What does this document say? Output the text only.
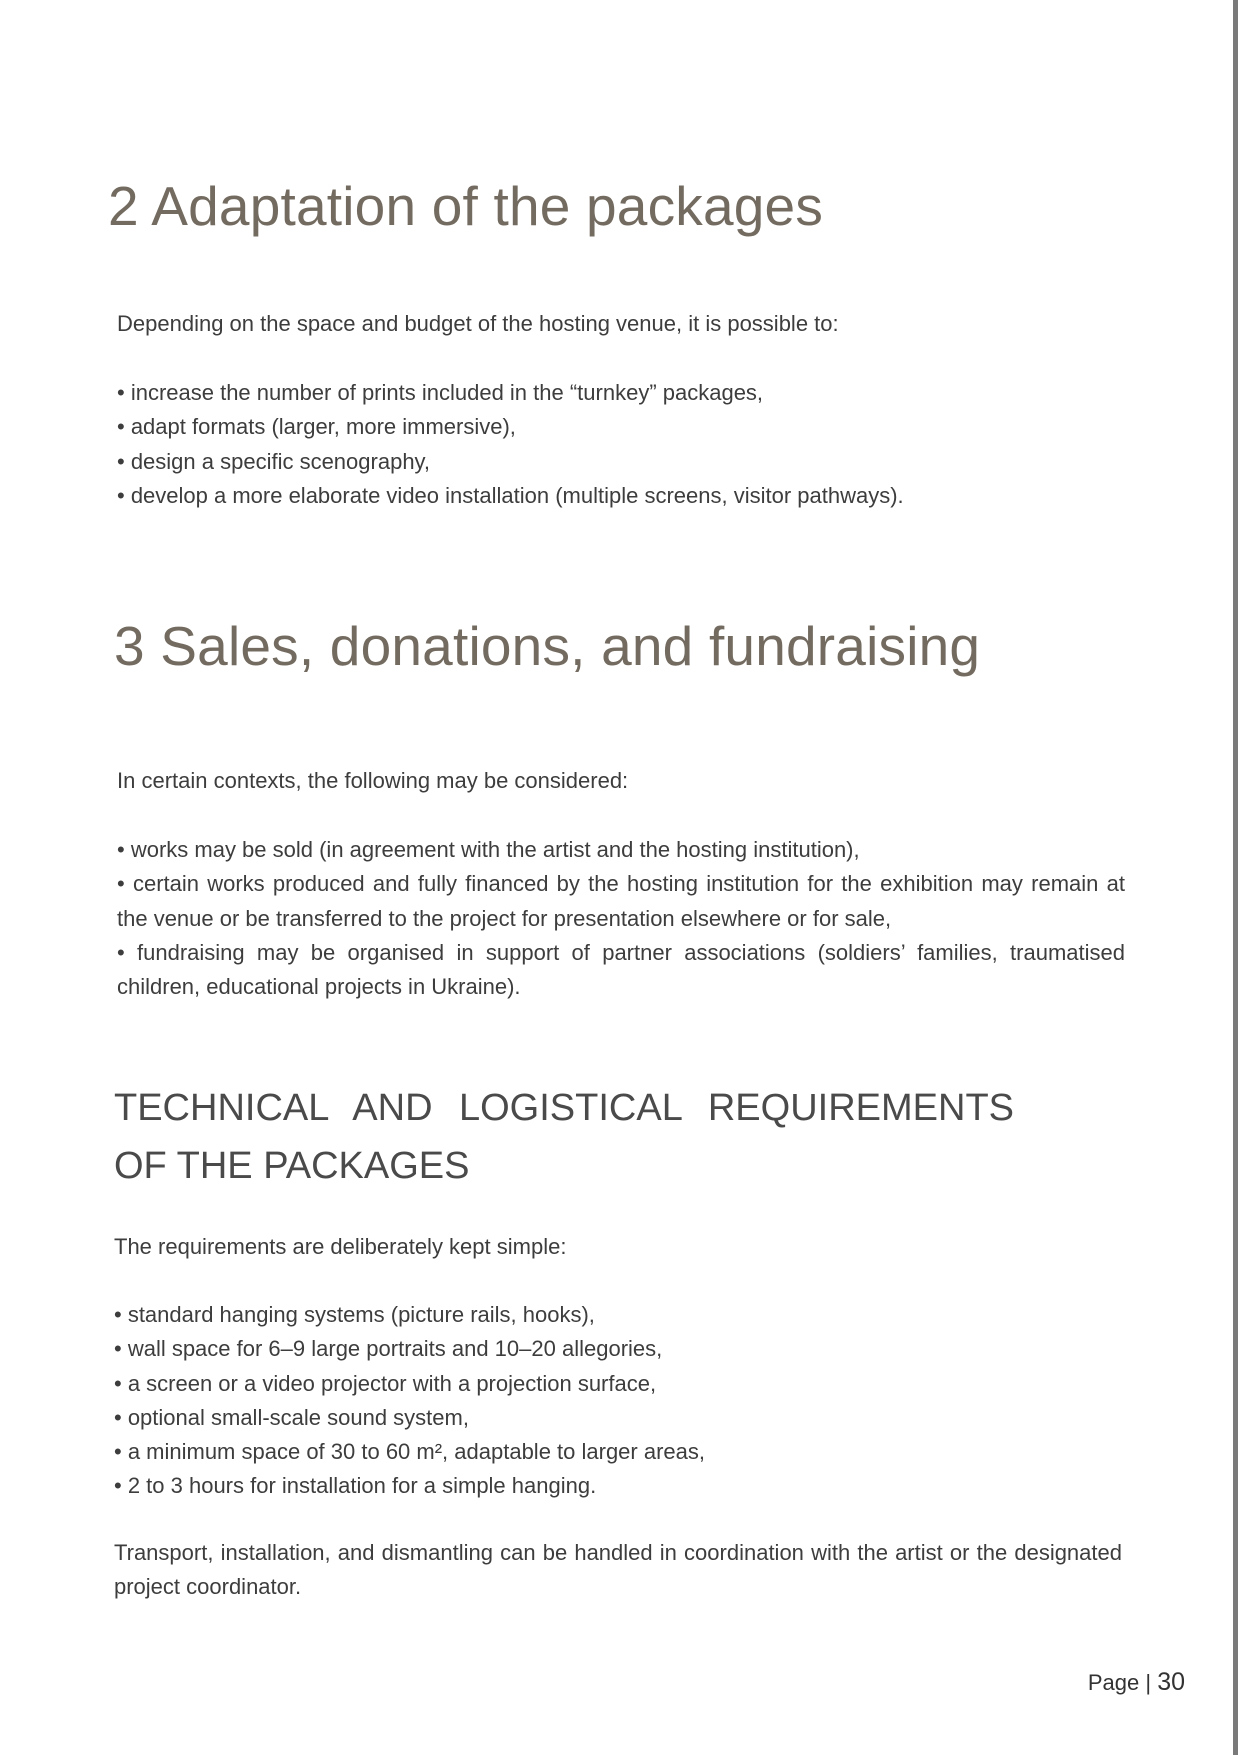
2 Adaptation of the packages

Depending on the space and budget of the hosting venue, it is possible to:

• increase the number of prints included in the “turnkey” packages,
• adapt formats (larger, more immersive),
• design a specific scenography,
• develop a more elaborate video installation (multiple screens, visitor pathways).
3 Sales, donations, and fundraising

In certain contexts, the following may be considered:

• works may be sold (in agreement with the artist and the hosting institution),
• certain works produced and fully financed by the hosting institution for the exhibition may remain at the venue or be transferred to the project for presentation elsewhere or for sale,
• fundraising may be organised in support of partner associations (soldiers’ families, traumatised children, educational projects in Ukraine).
TECHNICAL AND LOGISTICAL REQUIREMENTS
OF THE PACKAGES

The requirements are deliberately kept simple:

• standard hanging systems (picture rails, hooks),
• wall space for 6–9 large portraits and 10–20 allegories,
• a screen or a video projector with a projection surface,
• optional small-scale sound system,
• a minimum space of 30 to 60 m², adaptable to larger areas,
• 2 to 3 hours for installation for a simple hanging.

Transport, installation, and dismantling can be handled in coordination with the artist or the designated project coordinator.

Page | 30
